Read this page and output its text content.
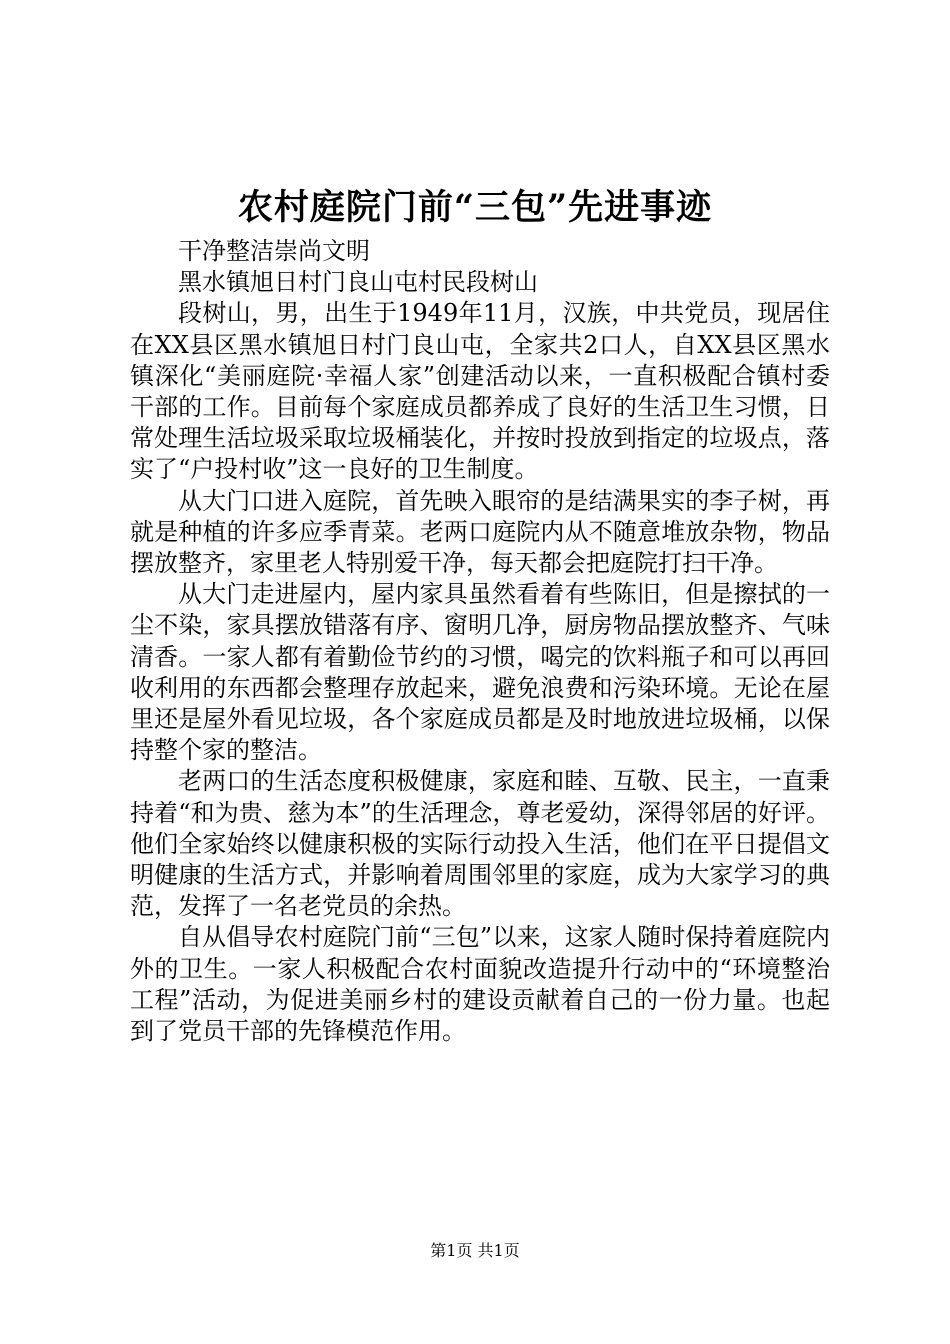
农村庭院门前“三包”先进事迹

干净整洁崇尚文明

黑水镇旭日村门良山屯村民段树山

段树山，男，出生于1949年11月，汉族，中共党员，现居住在XX县区黑水镇旭日村门良山屯，全家共2口人，自XX县区黑水镇深化“美丽庭院·幸福人家”创建活动以来，一直积极配合镇村委干部的工作。目前每个家庭成员都养成了良好的生活卫生习惯，日常处理生活垃圾采取垃圾桶装化，并按时投放到指定的垃圾点，落实了“户投村收”这一良好的卫生制度。

从大门口进入庭院，首先映入眼帘的是结满果实的李子树，再就是种植的许多应季青菜。老两口庭院内从不随意堆放杂物，物品摆放整齐，家里老人特别爱干净，每天都会把庭院打扫干净。

从大门走进屋内，屋内家具虽然看着有些陈旧，但是擦拭的一尘不染，家具摆放错落有序、窗明几净，厨房物品摆放整齐、气味清香。一家人都有着勤俭节约的习惯，喝完的饮料瓶子和可以再回收利用的东西都会整理存放起来，避免浪费和污染环境。无论在屋里还是屋外看见垃圾，各个家庭成员都是及时地放进垃圾桶，以保持整个家的整洁。

老两口的生活态度积极健康，家庭和睦、互敬、民主，一直秉持着“和为贵、慈为本”的生活理念，尊老爱幼，深得邻居的好评。他们全家始终以健康积极的实际行动投入生活，他们在平日提倡文明健康的生活方式，并影响着周围邻里的家庭，成为大家学习的典范，发挥了一名老党员的余热。

自从倡导农村庭院门前“三包”以来，这家人随时保持着庭院内外的卫生。一家人积极配合农村面貌改造提升行动中的“环境整治工程”活动，为促进美丽乡村的建设贡献着自己的一份力量。也起到了党员干部的先锋模范作用。

第1页 共1页
